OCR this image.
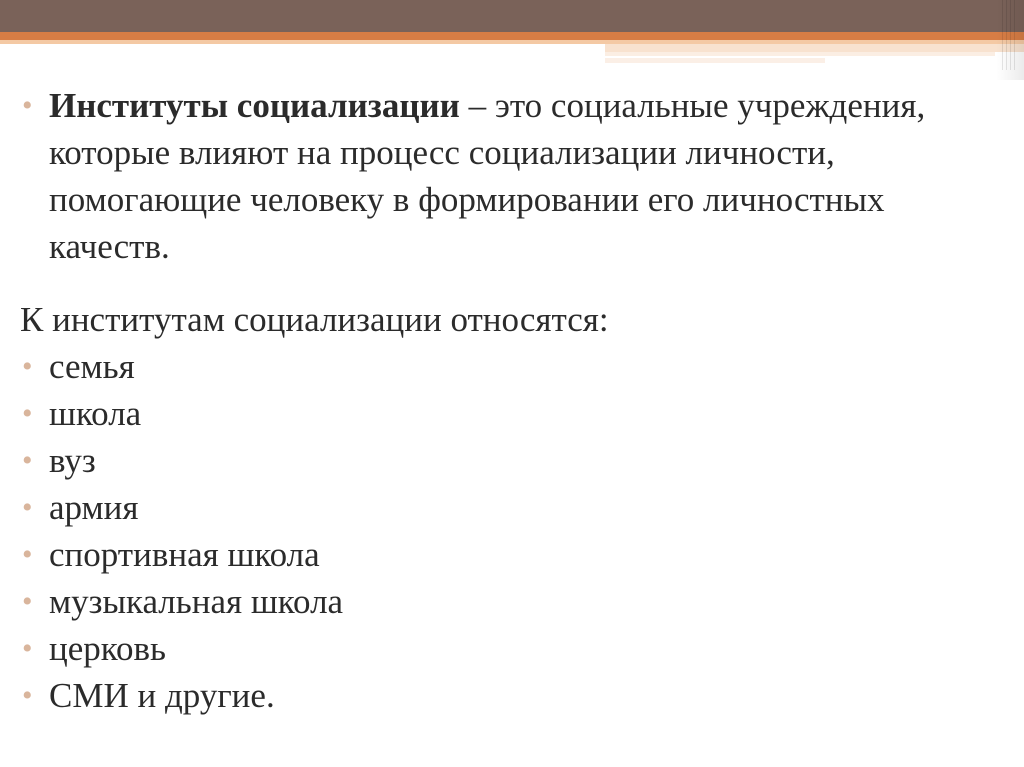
• Институты социализации – это социальные учреждения, которые влияют на процесс социализации личности, помогающие человеку в формировании его личностных качеств.
К институтам социализации относятся:
• семья
• школа
• вуз
• армия
• спортивная школа
• музыкальная школа
• церковь
• СМИ и другие.
